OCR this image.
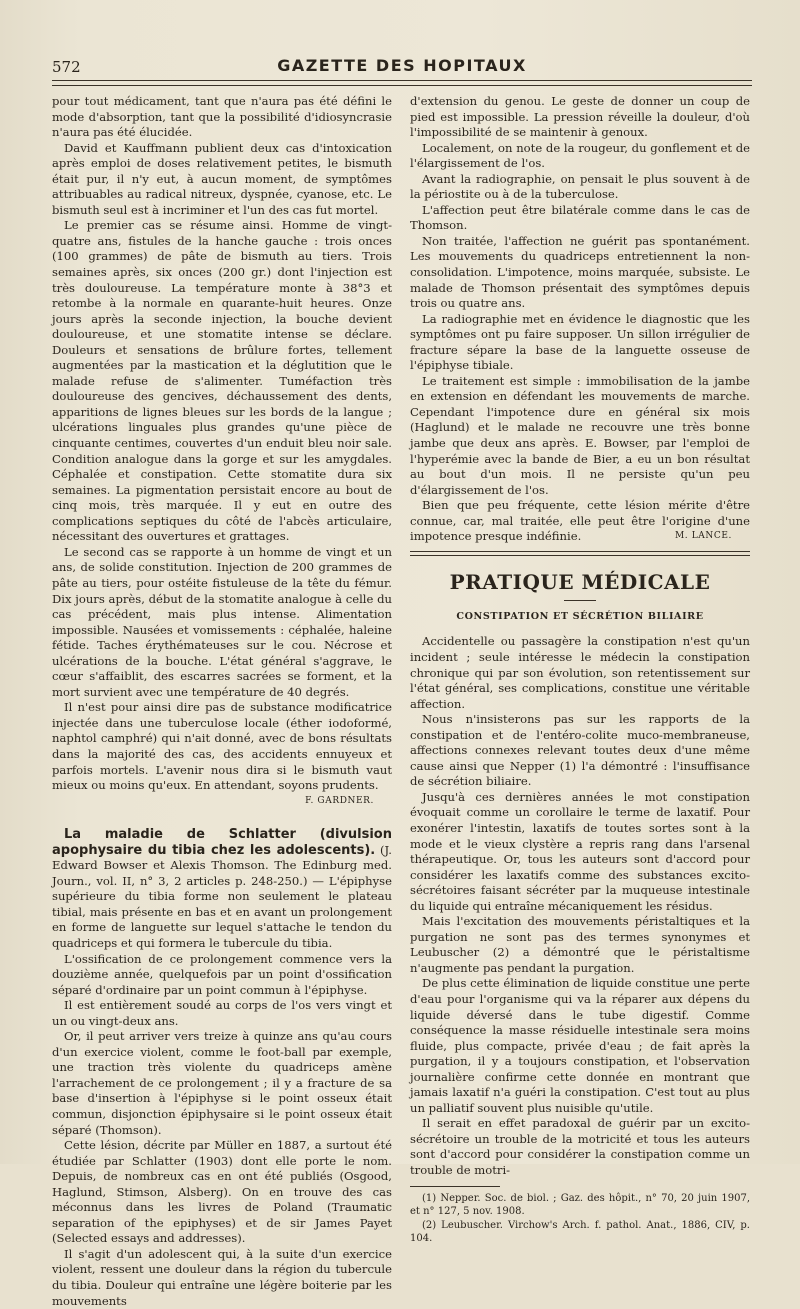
572	GAZETTE DES HOPITAUX

pour tout médicament, tant que n'aura pas été défini le mode d'absorption, tant que la possibilité d'idiosyncrasie n'aura pas été élucidée.

David et Kauffmann publient deux cas d'intoxication après emploi de doses relativement petites, le bismuth était pur, il n'y eut, à aucun moment, de symptômes attribuables au radical nitreux, dyspnée, cyanose, etc. Le bismuth seul est à incriminer et l'un des cas fut mortel.

Le premier cas se résume ainsi. Homme de vingt-quatre ans, fistules de la hanche gauche : trois onces (100 grammes) de pâte de bismuth au tiers. Trois semaines après, six onces (200 gr.) dont l'injection est très douloureuse. La température monte à 38°3 et retombe à la normale en quarante-huit heures. Onze jours après la seconde injection, la bouche devient douloureuse, et une stomatite intense se déclare. Douleurs et sensations de brûlure fortes, tellement augmentées par la mastication et la déglutition que le malade refuse de s'alimenter. Tuméfaction très douloureuse des gencives, déchaussement des dents, apparitions de lignes bleues sur les bords de la langue ; ulcérations linguales plus grandes qu'une pièce de cinquante centimes, couvertes d'un enduit bleu noir sale. Condition analogue dans la gorge et sur les amygdales. Céphalée et constipation. Cette stomatite dura six semaines. La pigmentation persistait encore au bout de cinq mois, très marquée. Il y eut en outre des complications septiques du côté de l'abcès articulaire, nécessitant des ouvertures et grattages.

Le second cas se rapporte à un homme de vingt et un ans, de solide constitution. Injection de 200 grammes de pâte au tiers, pour ostéite fistuleuse de la tête du fémur. Dix jours après, début de la stomatite analogue à celle du cas précédent, mais plus intense. Alimentation impossible. Nausées et vomissements : céphalée, haleine fétide. Taches érythémateuses sur le cou. Nécrose et ulcérations de la bouche. L'état général s'aggrave, le cœur s'affaiblit, des escarres sacrées se forment, et la mort survient avec une température de 40 degrés.

Il n'est pour ainsi dire pas de substance modificatrice injectée dans une tuberculose locale (éther iodoformé, naphtol camphré) qui n'ait donné, avec de bons résultats dans la majorité des cas, des accidents ennuyeux et parfois mortels. L'avenir nous dira si le bismuth vaut mieux ou moins qu'eux. En attendant, soyons prudents.
F. GARDNER.

La maladie de Schlatter (divulsion apophysaire du tibia chez les adolescents). (J. Edward Bowser et Alexis Thomson. The Edinburg med. Journ., vol. II, n° 3, 2 articles p. 248-250.) — L'épiphyse supérieure du tibia forme non seulement le plateau tibial, mais présente en bas et en avant un prolongement en forme de languette sur lequel s'attache le tendon du quadriceps et qui formera le tubercule du tibia.

L'ossification de ce prolongement commence vers la douzième année, quelquefois par un point d'ossification séparé d'ordinaire par un point commun à l'épiphyse.

Il est entièrement soudé au corps de l'os vers vingt et un ou vingt-deux ans.

Or, il peut arriver vers treize à quinze ans qu'au cours d'un exercice violent, comme le foot-ball par exemple, une traction très violente du quadriceps amène l'arrachement de ce prolongement ; il y a fracture de sa base d'insertion à l'épiphyse si le point osseux était commun, disjonction épiphysaire si le point osseux était séparé (Thomson).

Cette lésion, décrite par Müller en 1887, a surtout été étudiée par Schlatter (1903) dont elle porte le nom. Depuis, de nombreux cas en ont été publiés (Osgood, Haglund, Stimson, Alsberg). On en trouve des cas méconnus dans les livres de Poland (Traumatic separation of the epiphyses) et de sir James Payet (Selected essays and addresses).

Il s'agit d'un adolescent qui, à la suite d'un exercice violent, ressent une douleur dans la région du tubercule du tibia. Douleur qui entraîne une légère boiterie par les mouvements

d'extension du genou. Le geste de donner un coup de pied est impossible. La pression réveille la douleur, d'où l'impossibilité de se maintenir à genoux.

Localement, on note de la rougeur, du gonflement et de l'élargissement de l'os.

Avant la radiographie, on pensait le plus souvent à de la périostite ou à de la tuberculose.

L'affection peut être bilatérale comme dans le cas de Thomson.

Non traitée, l'affection ne guérit pas spontanément. Les mouvements du quadriceps entretiennent la non-consolidation. L'impotence, moins marquée, subsiste. Le malade de Thomson présentait des symptômes depuis trois ou quatre ans.

La radiographie met en évidence le diagnostic que les symptômes ont pu faire supposer. Un sillon irrégulier de fracture sépare la base de la languette osseuse de l'épiphyse tibiale.

Le traitement est simple : immobilisation de la jambe en extension en défendant les mouvements de marche. Cependant l'impotence dure en général six mois (Haglund) et le malade ne recouvre une très bonne jambe que deux ans après. E. Bowser, par l'emploi de l'hyperémie avec la bande de Bier, a eu un bon résultat au bout d'un mois. Il ne persiste qu'un peu d'élargissement de l'os.

Bien que peu fréquente, cette lésion mérite d'être connue, car, mal traitée, elle peut être l'origine d'une impotence presque indéfinie.	M. LANCE.

PRATIQUE MÉDICALE
CONSTIPATION ET SÉCRÉTION BILIAIRE

Accidentelle ou passagère la constipation n'est qu'un incident ; seule intéresse le médecin la constipation chronique qui par son évolution, son retentissement sur l'état général, ses complications, constitue une véritable affection.

Nous n'insisterons pas sur les rapports de la constipation et de l'entéro-colite muco-membraneuse, affections connexes relevant toutes deux d'une même cause ainsi que Nepper (1) l'a démontré : l'insuffisance de sécrétion biliaire.

Jusqu'à ces dernières années le mot constipation évoquait comme un corollaire le terme de laxatif. Pour exonérer l'intestin, laxatifs de toutes sortes sont à la mode et le vieux clystère a repris rang dans l'arsenal thérapeutique. Or, tous les auteurs sont d'accord pour considérer les laxatifs comme des substances excito-sécrétoires faisant sécréter par la muqueuse intestinale du liquide qui entraîne mécaniquement les résidus.

Mais l'excitation des mouvements péristaltiques et la purgation ne sont pas des termes synonymes et Leubuscher (2) a démontré que le péristaltisme n'augmente pas pendant la purgation.

De plus cette élimination de liquide constitue une perte d'eau pour l'organisme qui va la réparer aux dépens du liquide déversé dans le tube digestif. Comme conséquence la masse résiduelle intestinale sera moins fluide, plus compacte, privée d'eau ; de fait après la purgation, il y a toujours constipation, et l'observation journalière confirme cette donnée en montrant que jamais laxatif n'a guéri la constipation. C'est tout au plus un palliatif souvent plus nuisible qu'utile.

Il serait en effet paradoxal de guérir par un excito-sécrétoire un trouble de la motricité et tous les auteurs sont d'accord pour considérer la constipation comme un trouble de motri-

(1) Nepper. Soc. de biol. ; Gaz. des hôpit., n° 70, 20 juin 1907, et n° 127, 5 nov. 1908.

(2) Leubuscher. Virchow's Arch. f. pathol. Anat., 1886, CIV, p. 104.
